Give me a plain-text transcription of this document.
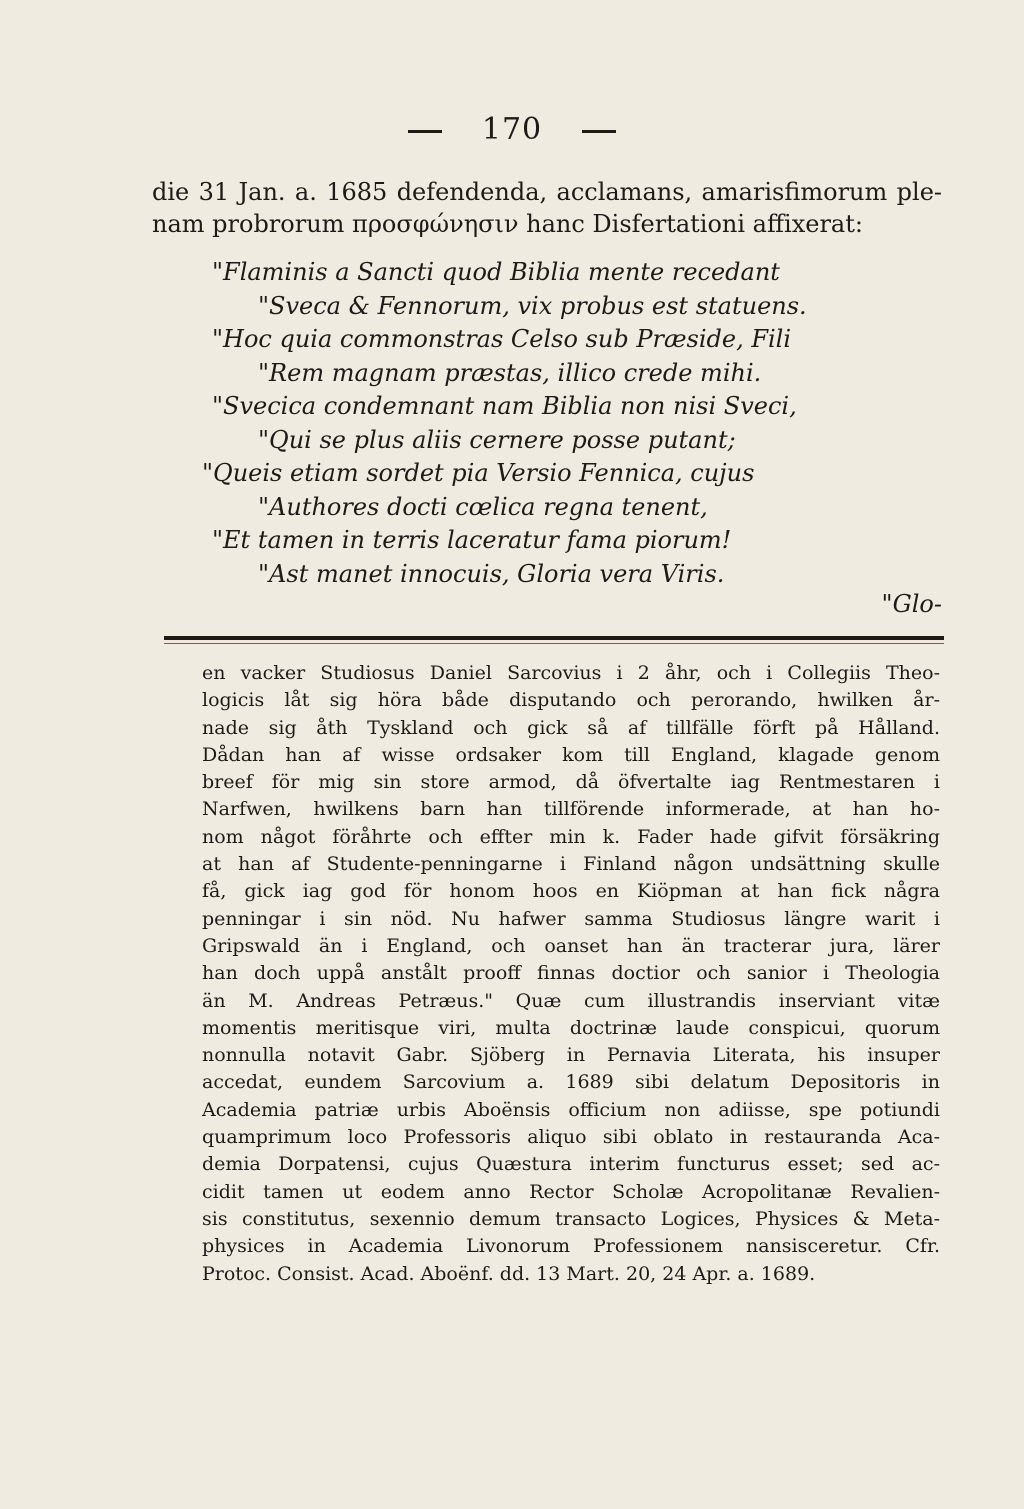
170
die 31 Jan. a. 1685 defendenda, acclamans, amarisfimorum ple-
nam probrorum προσφώνησιν hanc Disfertationi affixerat:
"Flaminis a Sancti quod Biblia mente recedant
"Sveca & Fennorum, vix probus est statuens.
"Hoc quia commonstras Celso sub Præside, Fili
"Rem magnam præstas, illico crede mihi.
"Svecica condemnant nam Biblia non nisi Sveci,
"Qui se plus aliis cernere posse putant;
"Queis etiam sordet pia Versio Fennica, cujus
"Authores docti cœlica regna tenent,
"Et tamen in terris laceratur fama piorum!
"Ast manet innocuis, Gloria vera Viris.
"Glo-
en vacker Studiosus Daniel Sarcovius i 2 åhr, och i Collegiis Theo-
logicis låt sig höra både disputando och perorando, hwilken år-
nade sig åth Tyskland och gick så af tillfälle förft på Hålland.
Dådan han af wisse ordsaker kom till England, klagade genom
breef för mig sin store armod, då öfvertalte iag Rentmestaren i
Narfwen, hwilkens barn han tillförende informerade, at han ho-
nom något föråhrte och effter min k. Fader hade gifvit försäkring
at han af Studente-penningarne i Finland någon undsättning skulle
få, gick iag god för honom hoos en Kiöpman at han fick några
penningar i sin nöd. Nu hafwer samma Studiosus längre warit i
Gripswald än i England, och oanset han än tracterar jura, lärer
han doch uppå anstålt prooff finnas doctior och sanior i Theologia
än M. Andreas Petræus." Quæ cum illustrandis inserviant vitæ
momentis meritisque viri, multa doctrinæ laude conspicui, quorum
nonnulla notavit Gabr. Sjöberg in Pernavia Literata, his insuper
accedat, eundem Sarcovium a. 1689 sibi delatum Depositoris in
Academia patriæ urbis Aboënsis officium non adiisse, spe potiundi
quamprimum loco Professoris aliquo sibi oblato in restauranda Aca-
demia Dorpatensi, cujus Quæstura interim functurus esset; sed ac-
cidit tamen ut eodem anno Rector Scholæ Acropolitanæ Revalien-
sis constitutus, sexennio demum transacto Logices, Physices & Meta-
physices in Academia Livonorum Professionem nansisceretur. Cfr.
Protoc. Consist. Acad. Aboënf. dd. 13 Mart. 20, 24 Apr. a. 1689.
